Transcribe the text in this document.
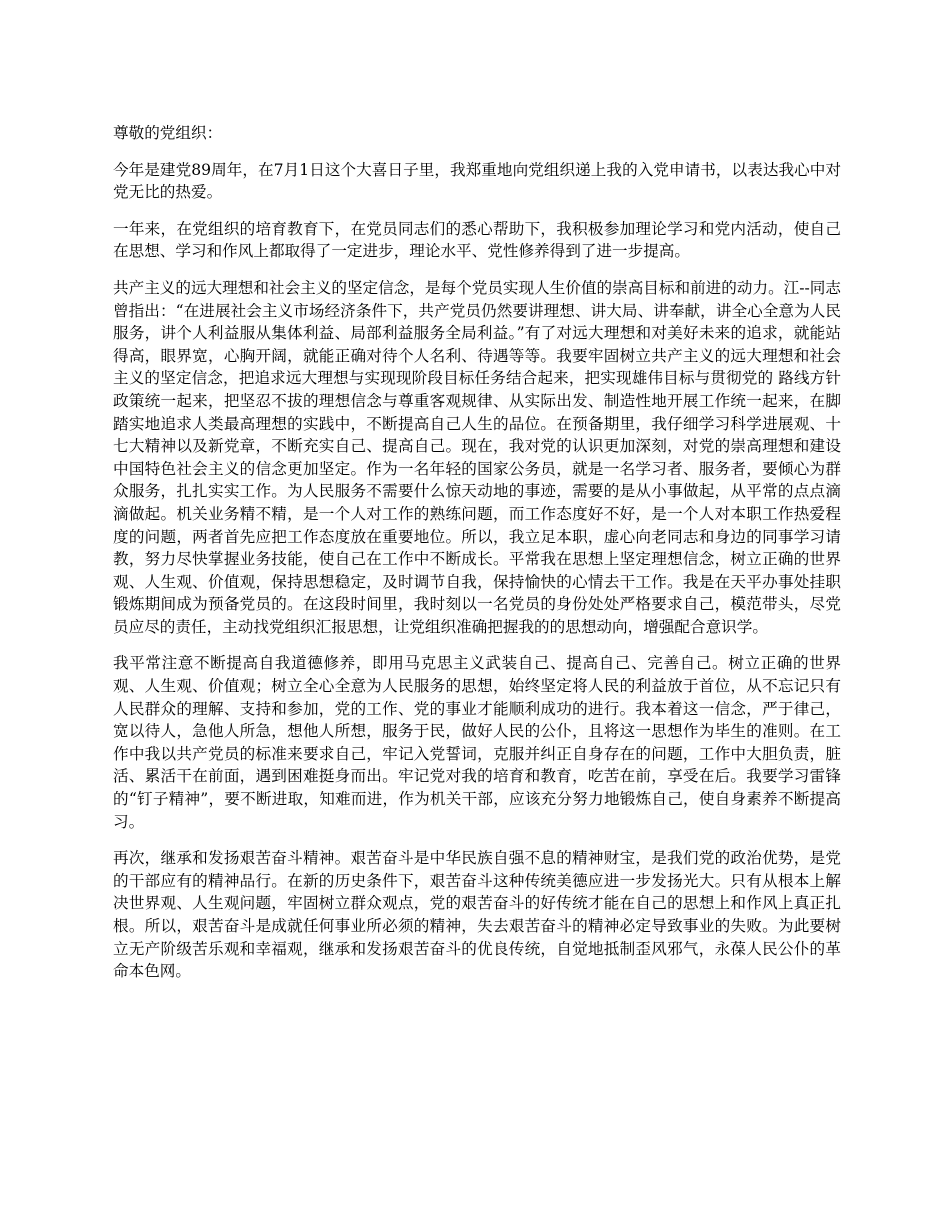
尊敬的党组织：

今年是建党89周年，在7月1日这个大喜日子里，我郑重地向党组织递上我的入党申请书，以表达我心中对党无比的热爱。

一年来，在党组织的培育教育下，在党员同志们的悉心帮助下，我积极参加理论学习和党内活动，使自己在思想、学习和作风上都取得了一定进步，理论水平、党性修养得到了进一步提高。

共产主义的远大理想和社会主义的坚定信念，是每个党员实现人生价值的崇高目标和前进的动力。江--同志曾指出：“在进展社会主义市场经济条件下，共产党员仍然要讲理想、讲大局、讲奉献，讲全心全意为人民服务，讲个人利益服从集体利益、局部利益服务全局利益。”有了对远大理想和对美好未来的追求，就能站得高，眼界宽，心胸开阔，就能正确对待个人名利、待遇等等。我要牢固树立共产主义的远大理想和社会主义的坚定信念，把追求远大理想与实现现阶段目标任务结合起来，把实现雄伟目标与贯彻党的 路线方针政策统一起来，把坚忍不拔的理想信念与尊重客观规律、从实际出发、制造性地开展工作统一起来，在脚踏实地追求人类最高理想的实践中，不断提高自己人生的品位。在预备期里，我仔细学习科学进展观、十七大精神以及新党章，不断充实自己、提高自己。现在，我对党的认识更加深刻，对党的崇高理想和建设中国特色社会主义的信念更加坚定。作为一名年轻的国家公务员，就是一名学习者、服务者，要倾心为群众服务，扎扎实实工作。为人民服务不需要什么惊天动地的事迹，需要的是从小事做起，从平常的点点滴滴做起。机关业务精不精，是一个人对工作的熟练问题，而工作态度好不好，是一个人对本职工作热爱程度的问题，两者首先应把工作态度放在重要地位。所以，我立足本职，虚心向老同志和身边的同事学习请教，努力尽快掌握业务技能，使自己在工作中不断成长。平常我在思想上坚定理想信念，树立正确的世界观、人生观、价值观，保持思想稳定，及时调节自我，保持愉快的心情去干工作。我是在天平办事处挂职锻炼期间成为预备党员的。在这段时间里，我时刻以一名党员的身份处处严格要求自己，模范带头，尽党员应尽的责任，主动找党组织汇报思想，让党组织准确把握我的的思想动向，增强配合意识学。

我平常注意不断提高自我道德修养，即用马克思主义武装自己、提高自己、完善自己。树立正确的世界观、人生观、价值观；树立全心全意为人民服务的思想，始终坚定将人民的利益放于首位，从不忘记只有人民群众的理解、支持和参加，党的工作、党的事业才能顺利成功的进行。我本着这一信念，严于律己，宽以待人，急他人所急，想他人所想，服务于民，做好人民的公仆，且将这一思想作为毕生的准则。在工作中我以共产党员的标准来要求自己，牢记入党誓词，克服并纠正自身存在的问题，工作中大胆负责，脏活、累活干在前面，遇到困难挺身而出。牢记党对我的培育和教育，吃苦在前，享受在后。我要学习雷锋的“钉子精神”，要不断进取，知难而进，作为机关干部，应该充分努力地锻炼自己，使自身素养不断提高习。

再次，继承和发扬艰苦奋斗精神。艰苦奋斗是中华民族自强不息的精神财宝，是我们党的政治优势，是党的干部应有的精神品行。在新的历史条件下，艰苦奋斗这种传统美德应进一步发扬光大。只有从根本上解决世界观、人生观问题，牢固树立群众观点，党的艰苦奋斗的好传统才能在自己的思想上和作风上真正扎根。所以，艰苦奋斗是成就任何事业所必须的精神，失去艰苦奋斗的精神必定导致事业的失败。为此要树立无产阶级苦乐观和幸福观，继承和发扬艰苦奋斗的优良传统，自觉地抵制歪风邪气，永葆人民公仆的革命本色网。
